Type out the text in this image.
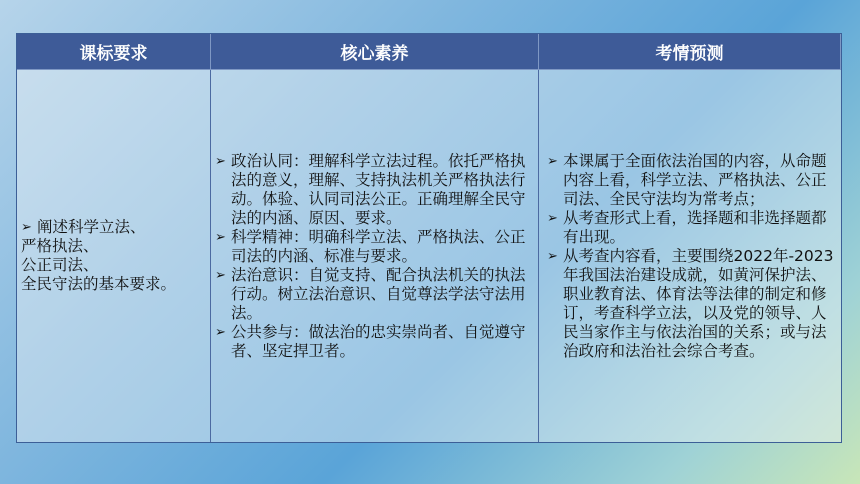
课标要求	核心素养	考情预测
➢ 阐述科学立法、
严格执法、
公正司法、
全民守法的基本要求。
➢ 政治认同：理解科学立法过程。依托严格执法的意义，理解、支持执法机关严格执法行动。体验、认同司法公正。正确理解全民守法的内涵、原因、要求。
➢ 科学精神：明确科学立法、严格执法、公正司法的内涵、标准与要求。
➢ 法治意识：自觉支持、配合执法机关的执法行动。树立法治意识、自觉尊法学法守法用法。
➢ 公共参与：做法治的忠实崇尚者、自觉遵守者、坚定捍卫者。
➢ 本课属于全面依法治国的内容，从命题内容上看，科学立法、严格执法、公正司法、全民守法均为常考点；
➢ 从考查形式上看，选择题和非选择题都有出现。
➢ 从考查内容看，主要围绕2022年-2023年我国法治建设成就，如黄河保护法、职业教育法、体育法等法律的制定和修订，考查科学立法，以及党的领导、人民当家作主与依法治国的关系；或与法治政府和法治社会综合考查。
